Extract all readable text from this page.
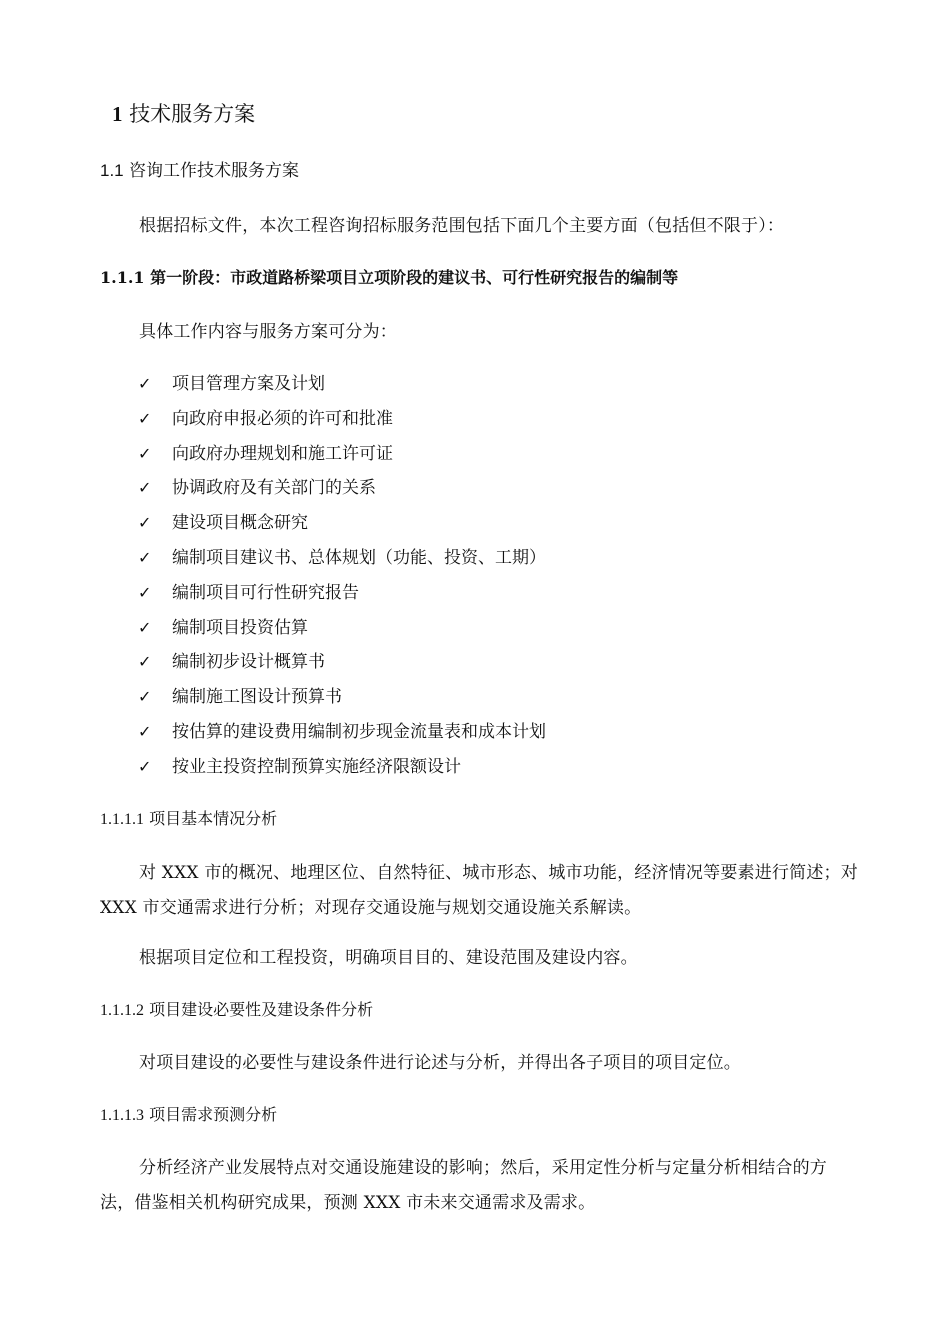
1 技术服务方案
1.1 咨询工作技术服务方案

根据招标文件，本次工程咨询招标服务范围包括下面几个主要方面（包括但不限于）：

1.1.1 第一阶段：市政道路桥梁项目立项阶段的建议书、可行性研究报告的编制等

具体工作内容与服务方案可分为：

✓ 项目管理方案及计划
✓ 向政府申报必须的许可和批准
✓ 向政府办理规划和施工许可证
✓ 协调政府及有关部门的关系
✓ 建设项目概念研究
✓ 编制项目建议书、总体规划（功能、投资、工期）
✓ 编制项目可行性研究报告
✓ 编制项目投资估算
✓ 编制初步设计概算书
✓ 编制施工图设计预算书
✓ 按估算的建设费用编制初步现金流量表和成本计划
✓ 按业主投资控制预算实施经济限额设计
1.1.1.1 项目基本情况分析

对 XXX 市的概况、地理区位、自然特征、城市形态、城市功能，经济情况等要素进行简述；对 XXX 市交通需求进行分析；对现存交通设施与规划交通设施关系解读。

根据项目定位和工程投资，明确项目目的、建设范围及建设内容。

1.1.1.2 项目建设必要性及建设条件分析

对项目建设的必要性与建设条件进行论述与分析，并得出各子项目的项目定位。

1.1.1.3 项目需求预测分析

分析经济产业发展特点对交通设施建设的影响；然后，采用定性分析与定量分析相结合的方法，借鉴相关机构研究成果，预测 XXX 市未来交通需求及需求。
